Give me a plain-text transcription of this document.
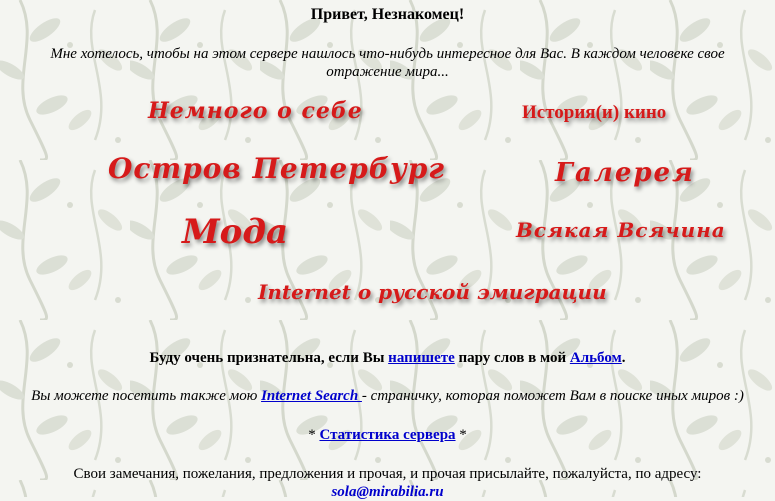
Привет, Незнакомец!
Мне хотелось, чтобы на этом сервере нашлось что-нибудь интересное для Вас. В каждом человеке свое отражение мира...
Немного о себе	История(и) кино
Остров Петербург	Галерея
Мода	Всякая Всячина
Internet о русской эмиграции
Буду очень признательна, если Вы напишете пару слов в мой Альбом.
Вы можете посетить также мою Internet Search - страничку, которая поможет Вам в поиске иных миров :)
* Статистика сервера *
Свои замечания, пожелания, предложения и прочая, и прочая присылайте, пожалуйста, по адресу:
sola@mirabilia.ru
